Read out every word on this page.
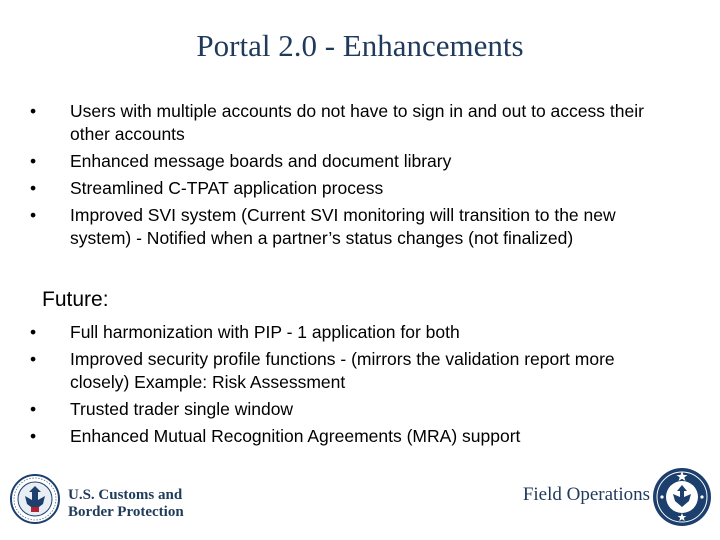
Portal 2.0 - Enhancements
• Users with multiple accounts do not have to sign in and out to access their other accounts
• Enhanced message boards and document library
• Streamlined C-TPAT application process
• Improved SVI system (Current SVI monitoring will transition to the new system) - Notified when a partner’s status changes (not finalized)
Future:
• Full harmonization with PIP - 1 application for both
• Improved security profile functions - (mirrors the validation report more closely) Example: Risk Assessment
• Trusted trader single window
• Enhanced Mutual Recognition Agreements (MRA) support
U.S. Customs and
Border Protection
Field Operations
